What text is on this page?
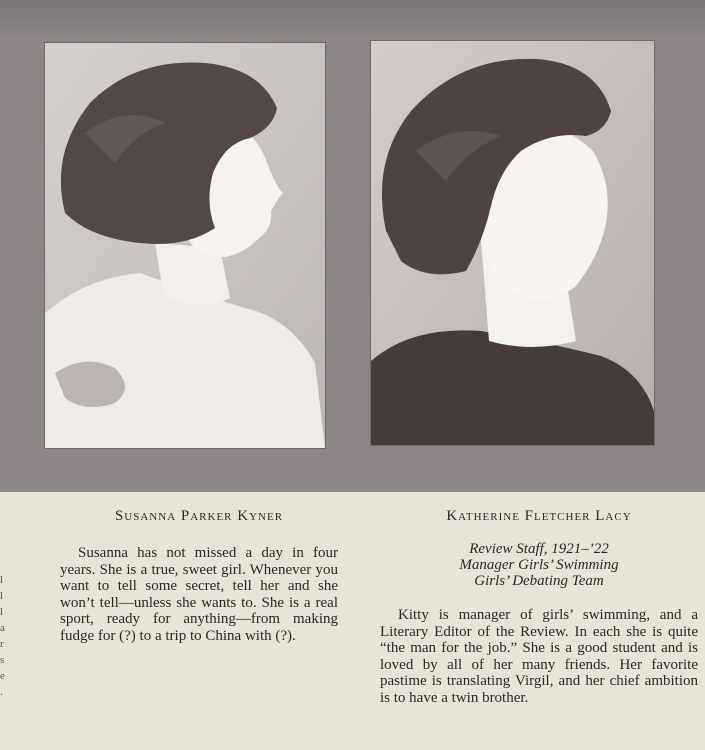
l
l
l
a
r
s
e
.
Susanna Parker Kyner

Susanna has not missed a day in four years. She is a true, sweet girl. Whenever you want to tell some secret, tell her and she won’t tell—unless she wants to. She is a real sport, ready for anything—from making fudge for (?) to a trip to China with (?).

Katherine Fletcher Lacy
Review Staff, 1921–’22
Manager Girls’ Swimming
Girls’ Debating Team

Kitty is manager of girls’ swimming, and a Literary Editor of the Review. In each she is quite “the man for the job.” She is a good student and is loved by all of her many friends. Her favorite pastime is translating Virgil, and her chief ambition is to have a twin brother.
